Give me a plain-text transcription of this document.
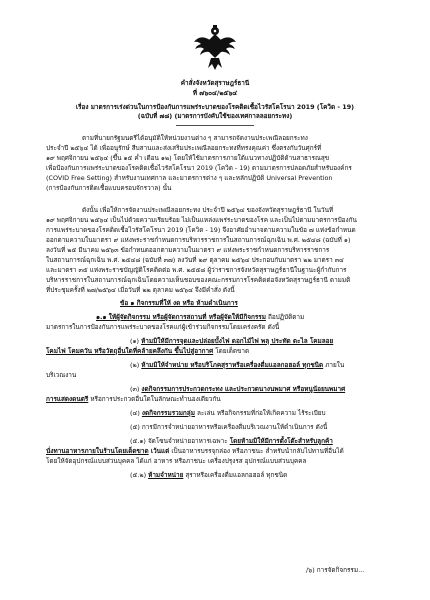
คำสั่งจังหวัดสุราษฎร์ธานี
ที่ ๗๖๐๔/๒๕๖๔
เรื่อง มาตรการเร่งด่วนในการป้องกันการแพร่ระบาดของโรคติดเชื้อไวรัสโคโรนา 2019 (โควิด - 19)
(ฉบับที่ ๗๘) (มาตรการบังคับใช้ของเทศกาลลอยกระทง)
ตามที่นายกรัฐมนตรีได้อนุมัติให้หน่วยงานต่าง ๆ สามารถจัดงานประเพณีลอยกระทง
ประจำปี ๒๕๖๔ ได้ เพื่ออนุรักษ์ สืบสานและส่งเสริมประเพณีลอยกระทงที่ทรงคุณค่า ซึ่งตรงกับวันศุกร์ที่
๑๙ พฤศจิกายน ๒๕๖๔ (ขึ้น ๑๕ ค่ำ เดือน ๑๒) โดยให้ใช้มาตรการภายใต้แนวทางปฏิบัติด้านสาธารณสุข
เพื่อป้องกันการแพร่ระบาดของโรคติดเชื้อไวรัสโคโรนา 2019 (โควิด - 19) ตามมาตรการปลอดภัยสำหรับองค์กร
(COVID Free Setting) สำหรับงานเทศกาล และมาตรการต่าง ๆ และหลักปฏิบัติ Universal Prevention
(การป้องกันการติดเชื้อแบบครอบจักรวาล) นั้น
ดังนั้น เพื่อให้การจัดงานประเพณีลอยกระทง ประจำปี ๒๕๖๔ ของจังหวัดสุราษฎร์ธานี ในวันที่
๑๙ พฤศจิกายน ๒๕๖๔ เป็นไปด้วยความเรียบร้อย ไม่เป็นแหล่งแพร่ระบาดของโรค และเป็นไปตามมาตรการป้องกัน
การแพร่ระบาดของโรคติดเชื้อไวรัสโคโรนา 2019 (โควิด - 19) จึงอาศัยอำนาจตามความในข้อ ๗ แห่งข้อกำหนด
ออกตามความในมาตรา ๙ แห่งพระราชกำหนดการบริหารราชการในสถานการณ์ฉุกเฉิน พ.ศ. ๒๕๔๘ (ฉบับที่ ๑)
ลงวันที่ ๒๕ มีนาคม ๒๕๖๓ ข้อกำหนดออกตามความในมาตรา ๙ แห่งพระราชกำหนดการบริหารราชการ
ในสถานการณ์ฉุกเฉิน พ.ศ. ๒๕๔๘ (ฉบับที่ ๓๗) ลงวันที่ ๒๙ ตุลาคม ๒๕๖๔ ประกอบกับมาตรา ๒๒ มาตรา ๓๔
และมาตรา ๓๕ แห่งพระราชบัญญัติโรคติดต่อ พ.ศ. ๒๕๕๘ ผู้ว่าราชการจังหวัดสุราษฎร์ธานีในฐานะผู้กำกับการ
บริหารราชการในสถานการณ์ฉุกเฉินโดยความเห็นชอบของคณะกรรมการโรคติดต่อจังหวัดสุราษฎร์ธานี ตามมติ
ที่ประชุมครั้งที่ ๒๗/๒๕๖๔ เมื่อวันที่ ๒๒ ตุลาคม ๒๕๖๔ จึงมีคำสั่ง ดังนี้
ข้อ ๑ กิจกรรมที่ให้ งด หรือ ห้ามดำเนินการ
๑.๑ ให้ผู้จัดกิจกรรม หรือผู้จัดการสถานที่ หรือผู้จัดให้มีกิจกรรม ถือปฏิบัติตาม
มาตรการในการป้องกันการแพร่ระบาดของโรคแก่ผู้เข้าร่วมกิจกรรมโดยเคร่งครัด ดังนี้
(๑) ห้ามมิให้มีการจุดและปล่อยบั้งไฟ ดอกไม้ไฟ พลุ ประทัด ตะไล โคมลอย
โคมไฟ โคมควัน หรือวัตถุอื่นใดที่คล้ายคลึงกัน ขึ้นไปสู่อากาศ โดยเด็ดขาด
(๒) ห้ามมิให้จำหน่าย หรือบริโภคสุราหรือเครื่องดื่มแอลกอฮอล์ ทุกชนิด ภายใน
บริเวณงาน
(๓) งดกิจกรรมการประกวดกระทง และประกวดนางนพมาศ หรือหนูน้อยนพมาศ
การแสดงดนตรี หรือการประกวดอื่นใดในลักษณะทำนองเดียวกัน
(๔) งดกิจกรรมรวมกลุ่ม ละเล่น หรือกิจกรรมที่ก่อให้เกิดความ ไร้ระเบียบ
(๕) การมีการจำหน่ายอาหารหรือเครื่องดื่มบริเวณงานให้ดำเนินการ ดังนี้
(๕.๑) จัดโซนจำหน่ายอาหารเฉพาะ โดยห้ามมิให้มีการตั้งโต๊ะสำหรับลูกค้า
นั่งทานอาหารภายในร้านโดยเด็ดขาด เว้นแต่ เป็นอาหารบรรจุกล่อง หรือภาชนะ สำหรับนำกลับไปทานที่อื่นได้
โดยให้จัดอุปกรณ์แบบส่วนบุคคล ได้แก่ อาหาร หรือภาชนะ เครื่องปรุงรส อุปกรณ์แบบส่วนบุคคล
(๕.๒) ห้ามจำหน่าย สุราหรือเครื่องดื่มแอลกอฮอล์ ทุกชนิด
/๖) การจัดกิจกรรม...
